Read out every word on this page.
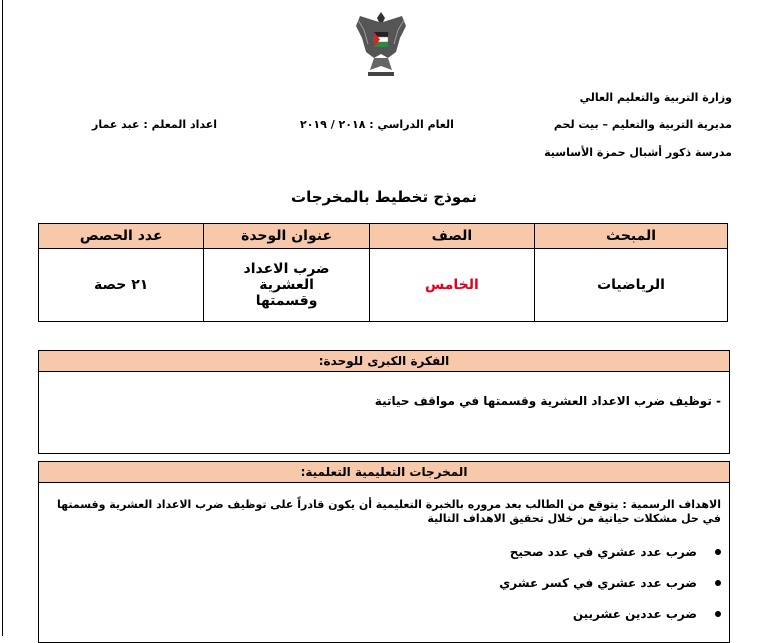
وزارة التربية والتعليم العالي
مديرية التربية والتعليم – بيت لحم
مدرسة ذكور أشبال حمزة الأساسية
العام الدراسي : ٢٠١٨ / ٢٠١٩
اعداد المعلم : عبد عمار
نموذج تخطيط بالمخرجات
المبحث	الصف	عنوان الوحدة	عدد الحصص
الرياضيات	الخامس	ضرب الاعداد العشرية وقسمتها	٢١ حصة
الفكرة الكبرى للوحدة:
- توظيف ضرب الاعداد العشرية وقسمتها في مواقف حياتية
المخرجات التعليمية التعلمية:
الاهداف الرسمية : يتوقع من الطالب بعد مروره بالخبرة التعليمية أن يكون قادراً على توظيف ضرب الاعداد العشرية وقسمتها في حل مشكلات حياتية من خلال تحقيق الاهداف التالية
ضرب عدد عشري في عدد صحيح
ضرب عدد عشري في كسر عشري
ضرب عددين عشريين
